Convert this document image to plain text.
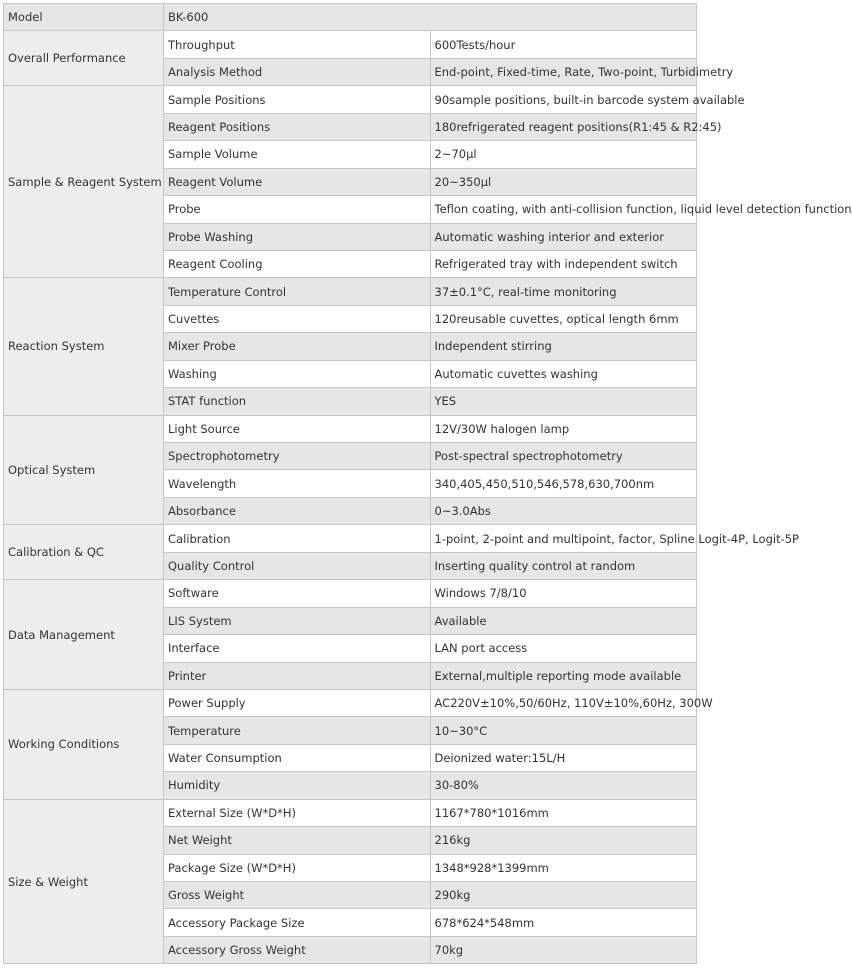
Model	BK-600	
Overall Performance	Throughput	600Tests/hour
	Analysis Method	End-point, Fixed-time, Rate, Two-point, Turbidimetry
Sample & Reagent System	Sample Positions	90sample positions, built-in barcode system available
	Reagent Positions	180refrigerated reagent positions(R1:45 & R2:45)
	Sample Volume	2~70μl
	Reagent Volume	20~350μl
	Probe	Teflon coating, with anti-collision function, liquid level detection function
	Probe Washing	Automatic washing interior and exterior
	Reagent Cooling	Refrigerated tray with independent switch
Reaction System	Temperature Control	37±0.1°C, real-time monitoring
	Cuvettes	120reusable cuvettes, optical length 6mm
	Mixer Probe	Independent stirring
	Washing	Automatic cuvettes washing
	STAT function	YES
Optical System	Light Source	12V/30W halogen lamp
	Spectrophotometry	Post-spectral spectrophotometry
	Wavelength	340,405,450,510,546,578,630,700nm
	Absorbance	0~3.0Abs
Calibration & QC	Calibration	1-point, 2-point and multipoint, factor, Spline Logit-4P, Logit-5P
	Quality Control	Inserting quality control at random
Data Management	Software	Windows 7/8/10
	LIS System	Available
	Interface	LAN port access
	Printer	External,multiple reporting mode available
Working Conditions	Power Supply	AC220V±10%,50/60Hz, 110V±10%,60Hz, 300W
	Temperature	10~30°C
	Water Consumption	Deionized water:15L/H
	Humidity	30-80%
Size & Weight	External Size (W*D*H)	1167*780*1016mm
	Net Weight	216kg
	Package Size (W*D*H)	1348*928*1399mm
	Gross Weight	290kg
	Accessory Package Size	678*624*548mm
	Accessory Gross Weight	70kg
